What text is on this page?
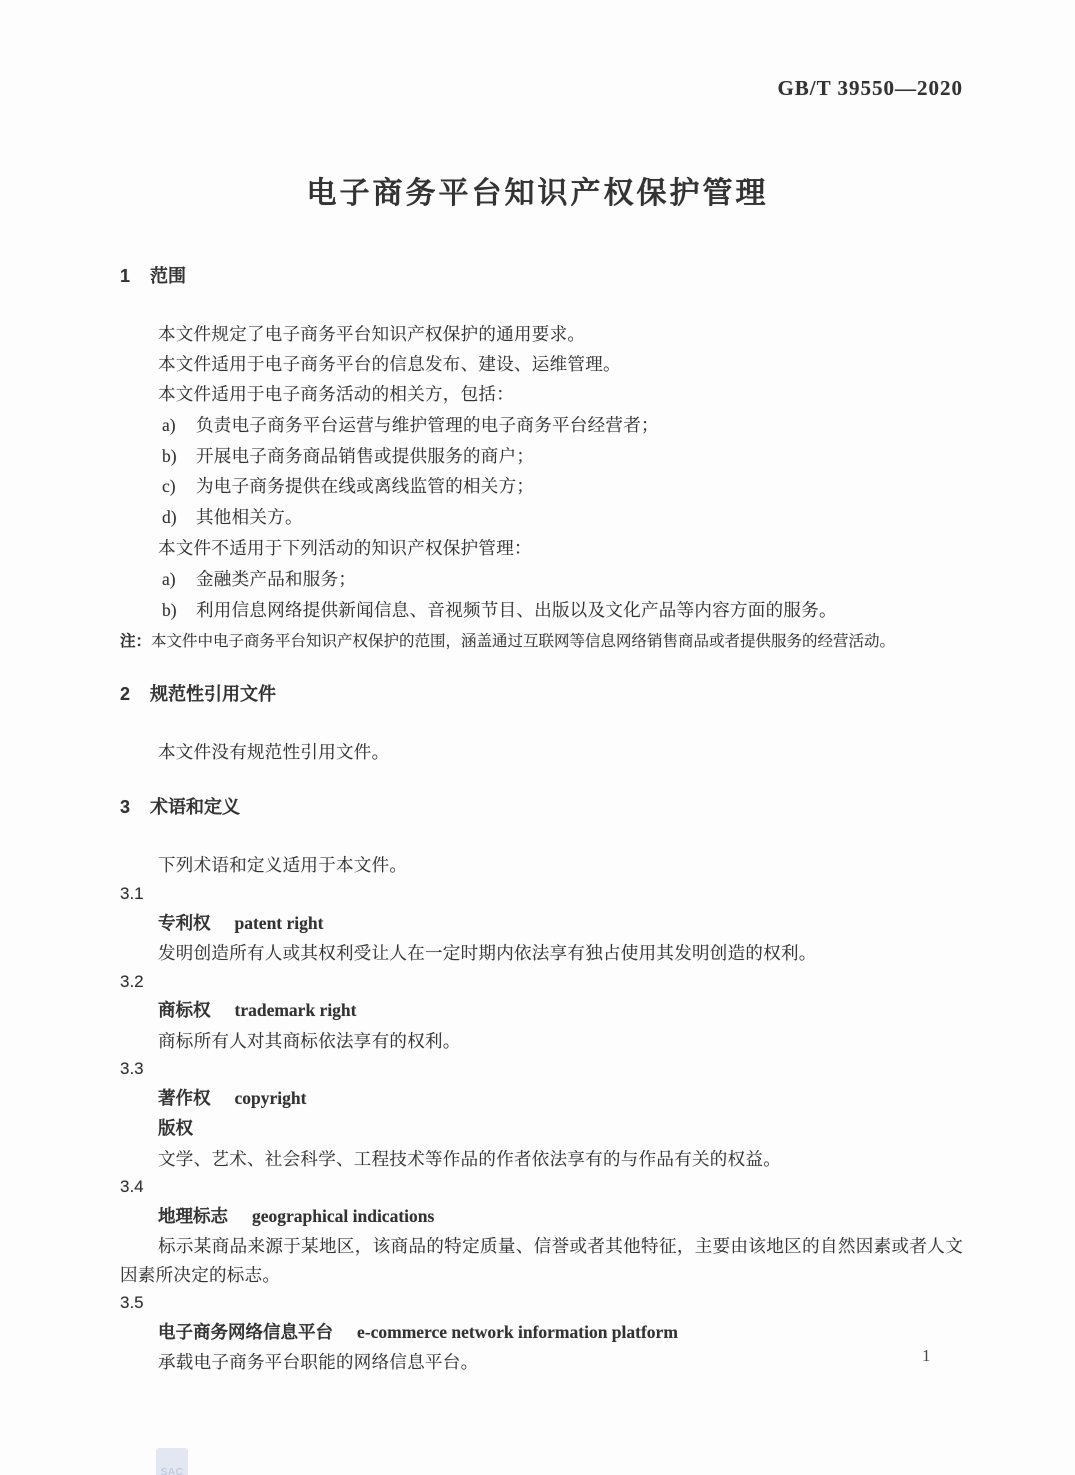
GB/T 39550—2020
电子商务平台知识产权保护管理
1 范围

本文件规定了电子商务平台知识产权保护的通用要求。

本文件适用于电子商务平台的信息发布、建设、运维管理。

本文件适用于电子商务活动的相关方，包括：

a)	负责电子商务平台运营与维护管理的电子商务平台经营者；
b)	开展电子商务商品销售或提供服务的商户；
c)	为电子商务提供在线或离线监管的相关方；
d)	其他相关方。

本文件不适用于下列活动的知识产权保护管理：

a)	金融类产品和服务；
b)	利用信息网络提供新闻信息、音视频节目、出版以及文化产品等内容方面的服务。

注：本文件中电子商务平台知识产权保护的范围，涵盖通过互联网等信息网络销售商品或者提供服务的经营活动。

2 规范性引用文件

本文件没有规范性引用文件。

3 术语和定义

下列术语和定义适用于本文件。

3.1
专利权 patent right

发明创造所有人或其权利受让人在一定时期内依法享有独占使用其发明创造的权利。

3.2
商标权 trademark right

商标所有人对其商标依法享有的权利。

3.3
著作权 copyright
版权

文学、艺术、社会科学、工程技术等作品的作者依法享有的与作品有关的权益。

3.4
地理标志 geographical indications

标示某商品来源于某地区，该商品的特定质量、信誉或者其他特征，主要由该地区的自然因素或者人文因素所决定的标志。

3.5
电子商务网络信息平台 e-commerce network information platform

承载电子商务平台职能的网络信息平台。	1
SAC
